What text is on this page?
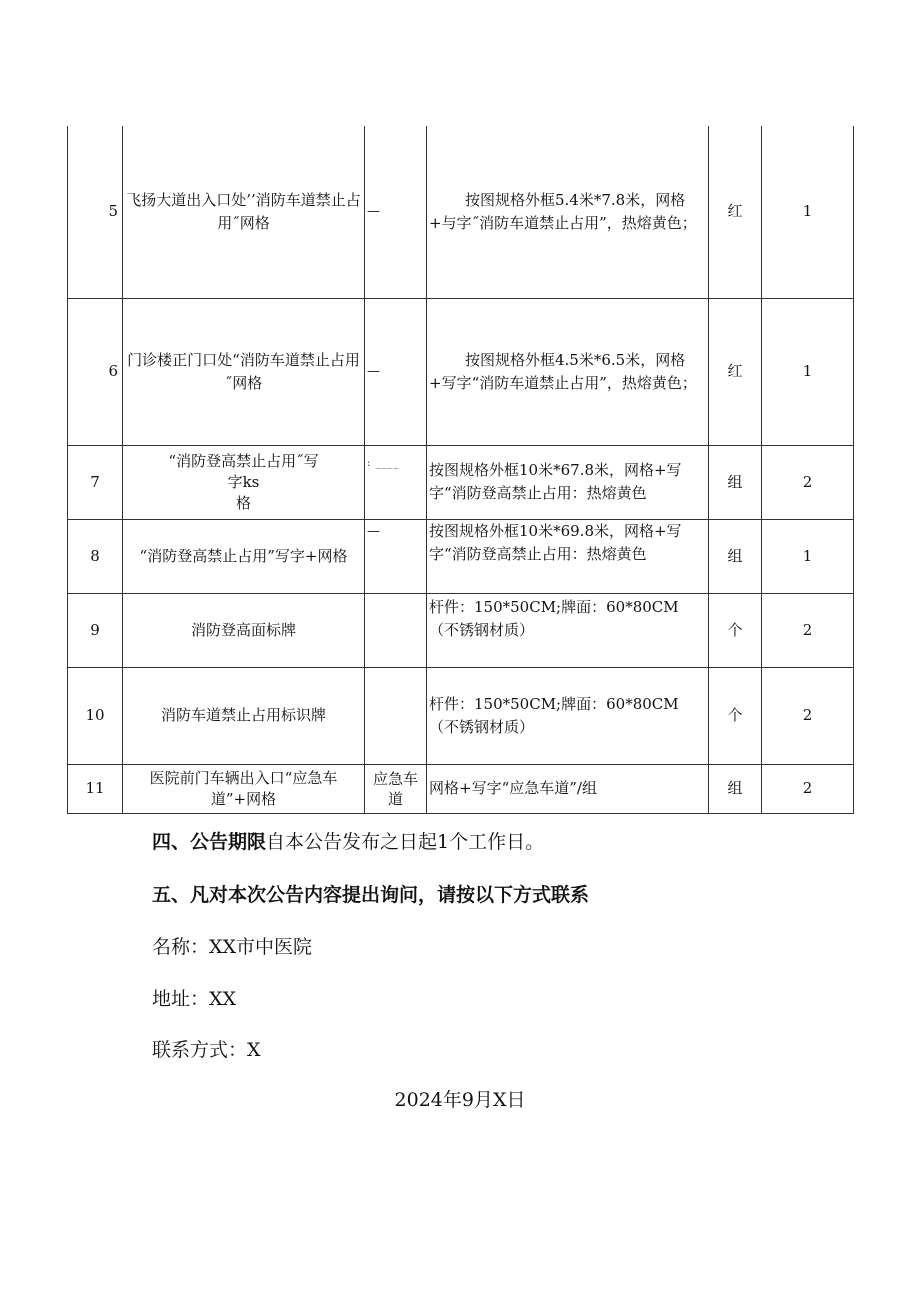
5	飞扬大道出入口处’’消防车道禁止占用˝网格	—	按图规格外框5.4米*7.8米，网格+与字˝消防车道禁止占用”，热熔黄色；	红	1
6	门诊楼正门口处“消防车道禁止占用˝网格	—	按图规格外框4.5米*6.5米，网格+写字“消防车道禁止占用”，热熔黄色；	红	1
7	“消防登高禁止占用˝写
字ks
格	: ____	按图规格外框10米*67.8米，网格+写字“消防登高禁止占用：热熔黄色	组	2
8	“消防登高禁止占用”写字+网格	—	按图规格外框10米*69.8米，网格+写字“消防登高禁止占用：热熔黄色	组	1
9	消防登高面标牌		杆件：150*50CM;牌面：60*80CM（不锈钢材质）	个	2
10	消防车道禁止占用标识牌		杆件：150*50CM;牌面：60*80CM（不锈钢材质）	个	2
11	医院前门车辆出入口“应急车道”+网格	应急车道	网格+写字“应急车道”/组	组	2
四、公告期限自本公告发布之日起1个工作日。
五、凡对本次公告内容提出询问，请按以下方式联系
名称：XX市中医院
地址：XX
联系方式：X
2024年9月X日
